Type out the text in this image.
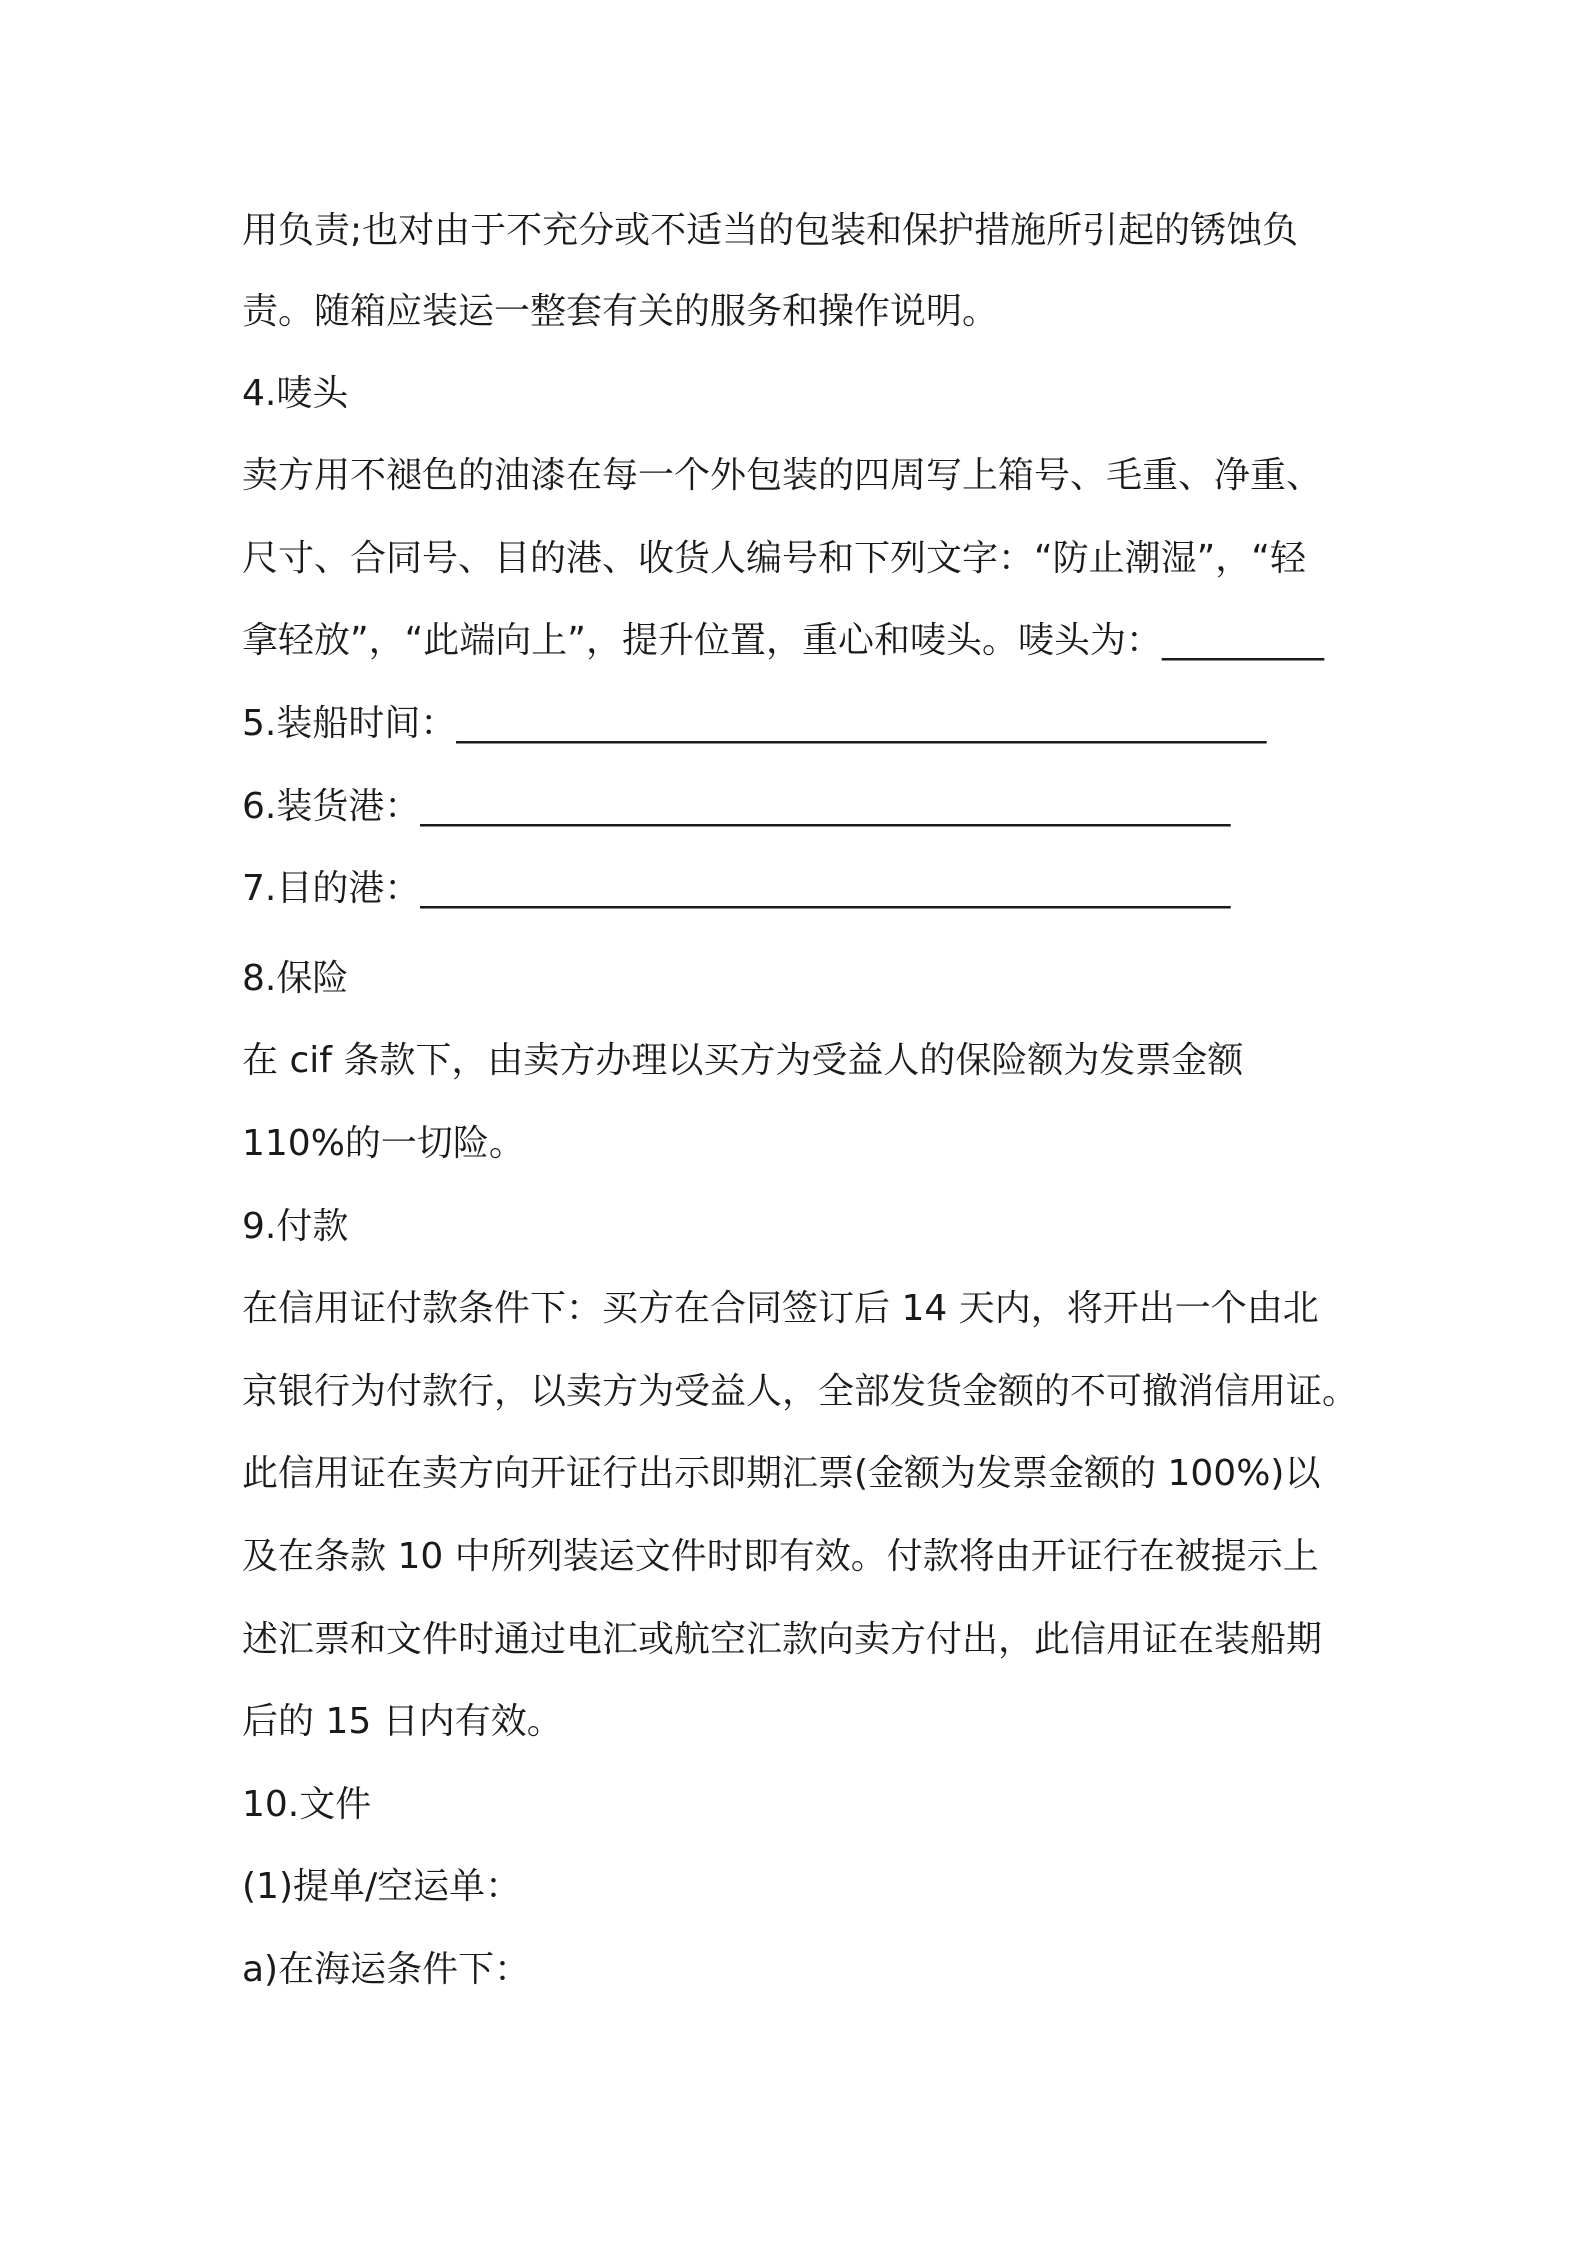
用负责;也对由于不充分或不适当的包装和保护措施所引起的锈蚀负
责。随箱应装运一整套有关的服务和操作说明。
4.唛头
卖方用不褪色的油漆在每一个外包装的四周写上箱号、毛重、净重、
尺寸、合同号、目的港、收货人编号和下列文字：“防止潮湿”，“轻
拿轻放”，“此端向上”，提升位置，重心和唛头。唛头为：_________
5.装船时间：_____________________________________________
6.装货港：_____________________________________________
7.目的港：_____________________________________________
8.保险
在 cif 条款下，由卖方办理以买方为受益人的保险额为发票金额
110%的一切险。
9.付款
在信用证付款条件下：买方在合同签订后 14 天内，将开出一个由北
京银行为付款行，以卖方为受益人，全部发货金额的不可撤消信用证。
此信用证在卖方向开证行出示即期汇票(金额为发票金额的 100%)以
及在条款 10 中所列装运文件时即有效。付款将由开证行在被提示上
述汇票和文件时通过电汇或航空汇款向卖方付出，此信用证在装船期
后的 15 日内有效。
10.文件
(1)提单/空运单：
a)在海运条件下：
